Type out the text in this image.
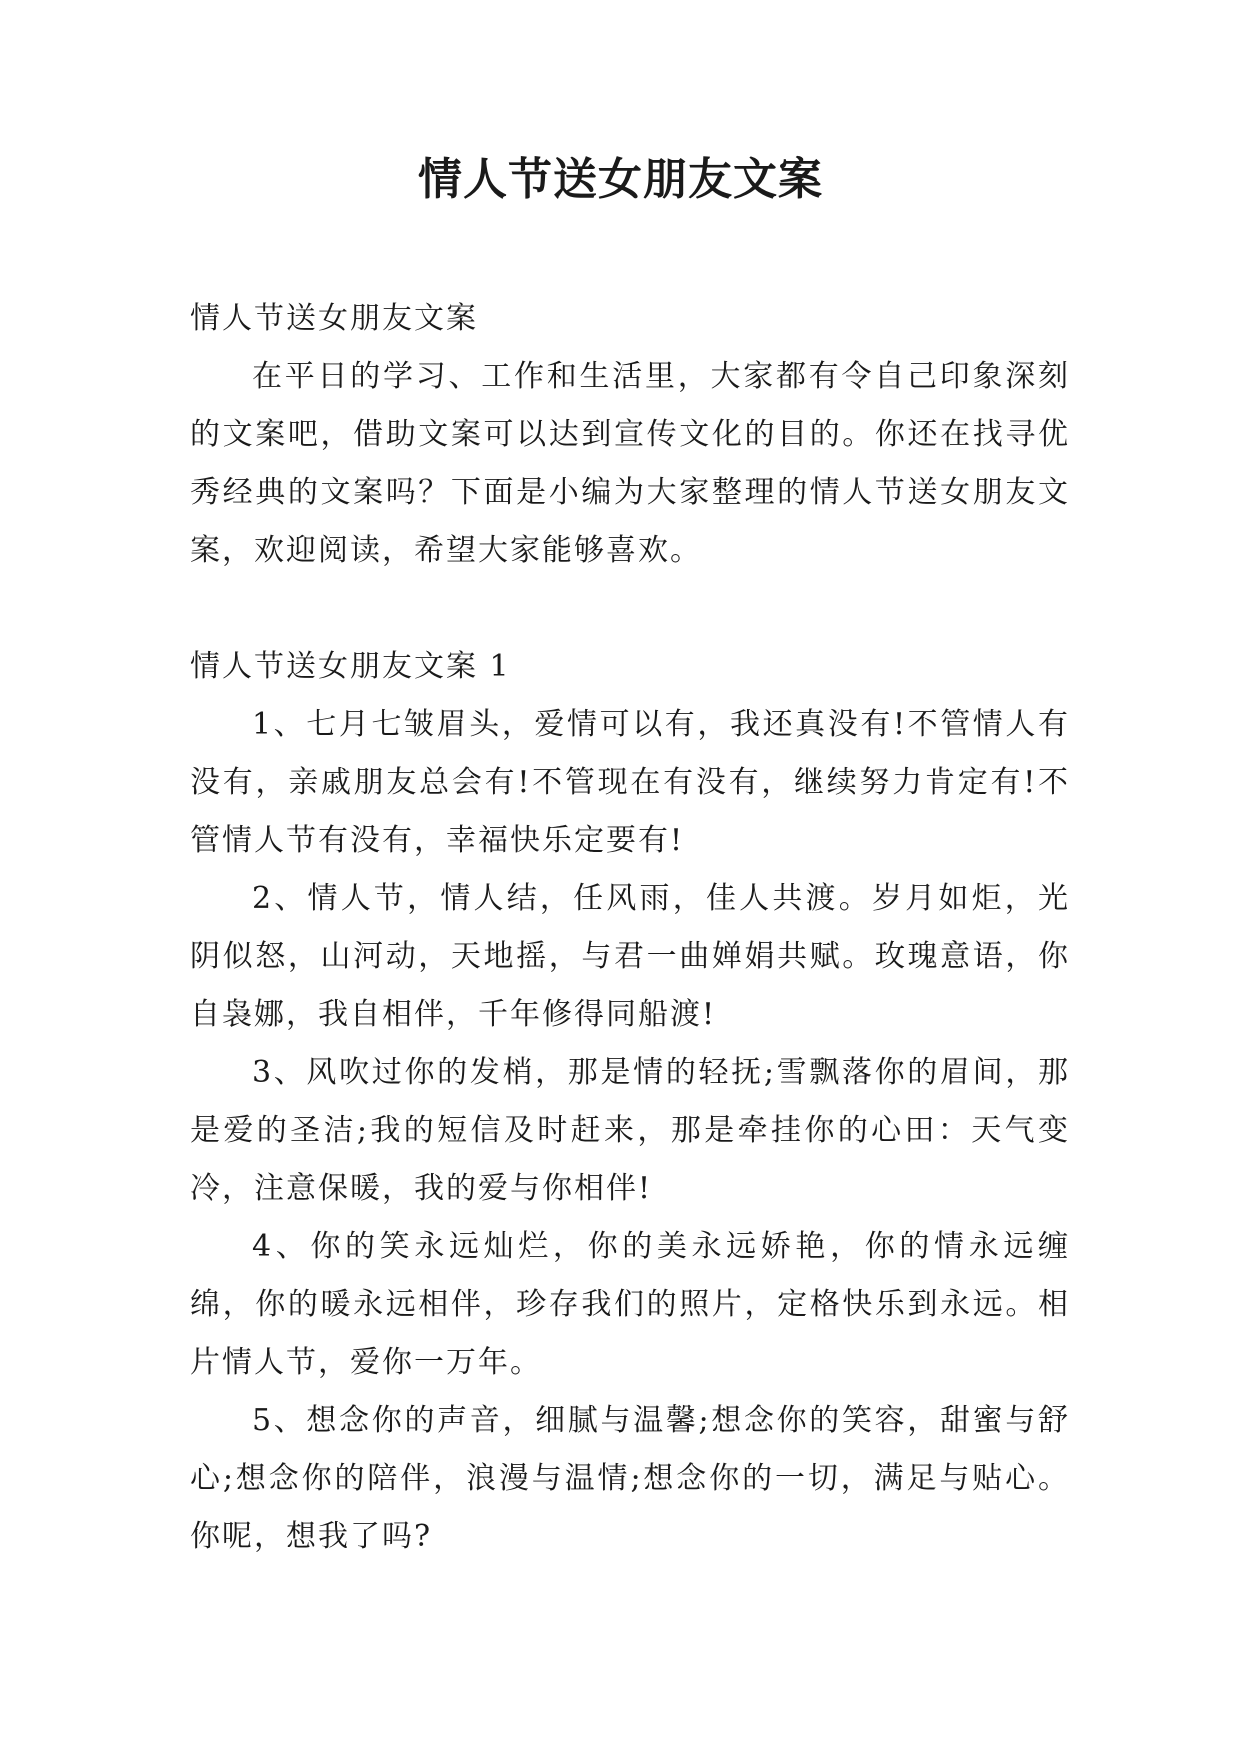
情人节送女朋友文案
情人节送女朋友文案

在平日的学习、工作和生活里，大家都有令自己印象深刻的文案吧，借助文案可以达到宣传文化的目的。你还在找寻优秀经典的文案吗？下面是小编为大家整理的情人节送女朋友文案，欢迎阅读，希望大家能够喜欢。

情人节送女朋友文案 1

1、七月七皱眉头，爱情可以有，我还真没有!不管情人有没有，亲戚朋友总会有!不管现在有没有，继续努力肯定有!不管情人节有没有，幸福快乐定要有!

2、情人节，情人结，任风雨，佳人共渡。岁月如炬，光阴似怒，山河动，天地摇，与君一曲婵娟共赋。玫瑰意语，你自袅娜，我自相伴，千年修得同船渡!

3、风吹过你的发梢，那是情的轻抚;雪飘落你的眉间，那是爱的圣洁;我的短信及时赶来，那是牵挂你的心田：天气变冷，注意保暖，我的爱与你相伴!

4、你的笑永远灿烂，你的美永远娇艳，你的情永远缠绵，你的暖永远相伴，珍存我们的照片，定格快乐到永远。相片情人节，爱你一万年。

5、想念你的声音，细腻与温馨;想念你的笑容，甜蜜与舒心;想念你的陪伴，浪漫与温情;想念你的一切，满足与贴心。你呢，想我了吗?
